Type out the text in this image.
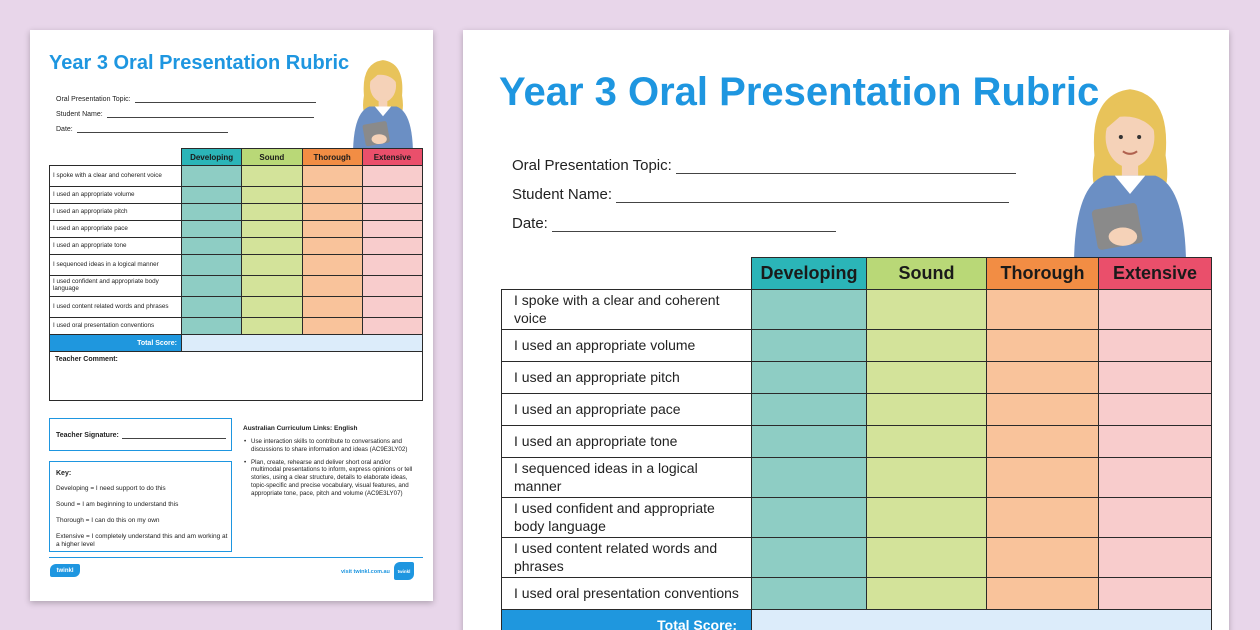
Year 3 Oral Presentation Rubric
Oral Presentation Topic:
Student Name:
Date:
	Developing	Sound	Thorough	Extensive
I spoke with a clear and coherent voice				
I used an appropriate volume				
I used an appropriate pitch				
I used an appropriate pace				
I used an appropriate tone				
I sequenced ideas in a logical manner				
I used confident and appropriate body language				
I used content related words and phrases				
I used oral presentation conventions				
Total Score:				
Teacher Comment:
Teacher Signature:
Key:
Developing = I need support to do this
Sound = I am beginning to understand this
Thorough = I can do this on my own
Extensive = I completely understand this and am working at a higher level
Australian Curriculum Links: English
• Use interaction skills to contribute to conversations and discussions to share information and ideas (AC9E3LY02)
• Plan, create, rehearse and deliver short oral and/or multimodal presentations to inform, express opinions or tell stories, using a clear structure, details to elaborate ideas, topic-specific and precise vocabulary, visual features, and appropriate tone, pace, pitch and volume (AC9E3LY07)
twinkl	visit twinkl.com.au	twinkl
Year 3 Oral Presentation Rubric
Oral Presentation Topic:
Student Name:
Date:
	Developing	Sound	Thorough	Extensive
I spoke with a clear and coherent voice				
I used an appropriate volume				
I used an appropriate pitch				
I used an appropriate pace				
I used an appropriate tone				
I sequenced ideas in a logical manner				
I used confident and appropriate body language				
I used content related words and phrases				
I used oral presentation conventions				
Total Score:				
